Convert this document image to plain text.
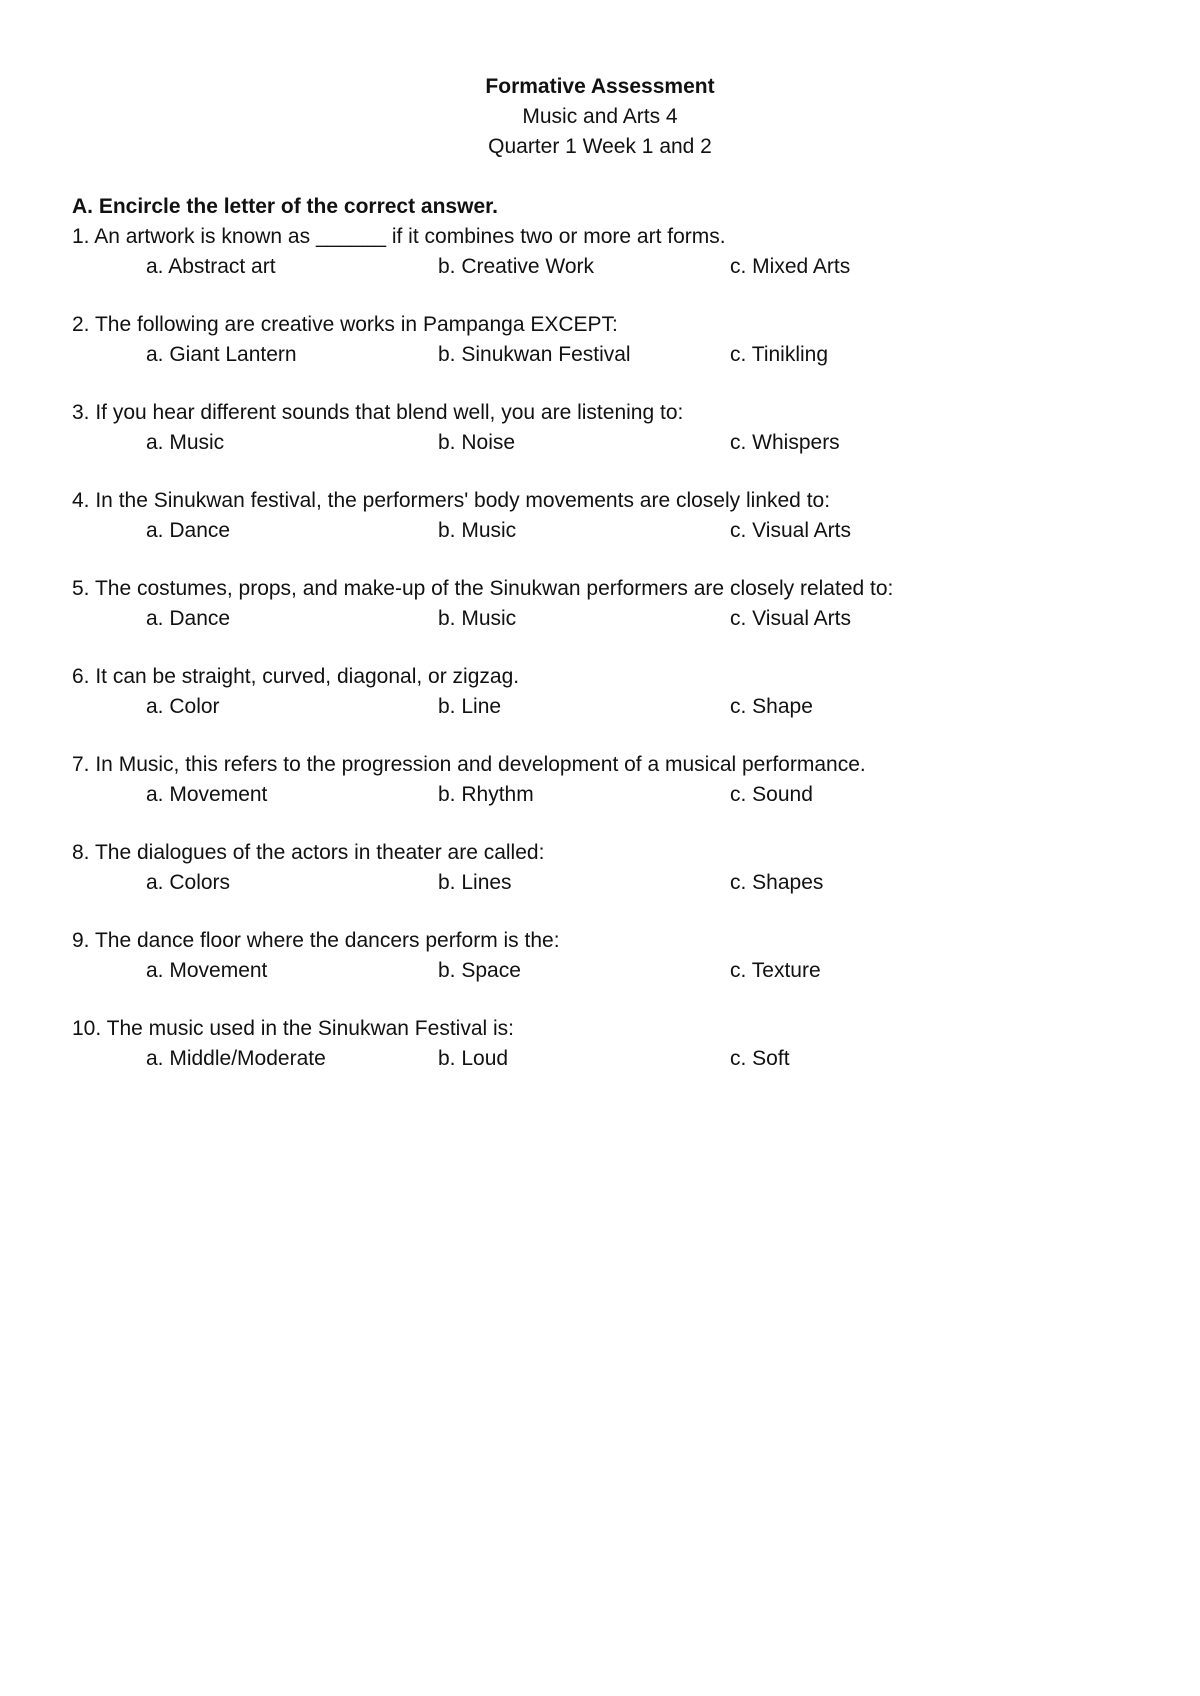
Formative Assessment
Music and Arts 4
Quarter 1 Week 1 and 2
A. Encircle the letter of the correct answer.
1. An artwork is known as ______ if it combines two or more art forms.
a. Abstract art	b. Creative Work	c. Mixed Arts
2. The following are creative works in Pampanga EXCEPT:
a. Giant Lantern	b. Sinukwan Festival	c. Tinikling
3. If you hear different sounds that blend well, you are listening to:
a. Music	b. Noise	c. Whispers
4. In the Sinukwan festival, the performers' body movements are closely linked to:
a. Dance	b. Music	c. Visual Arts
5. The costumes, props, and make-up of the Sinukwan performers are closely related to:
a. Dance	b. Music	c. Visual Arts
6. It can be straight, curved, diagonal, or zigzag.
a. Color	b. Line	c. Shape
7. In Music, this refers to the progression and development of a musical performance.
a. Movement	b. Rhythm	c. Sound
8. The dialogues of the actors in theater are called:
a. Colors	b. Lines	c. Shapes
9. The dance floor where the dancers perform is the:
a. Movement	b. Space	c. Texture
10. The music used in the Sinukwan Festival is:
a. Middle/Moderate	b. Loud	c. Soft
